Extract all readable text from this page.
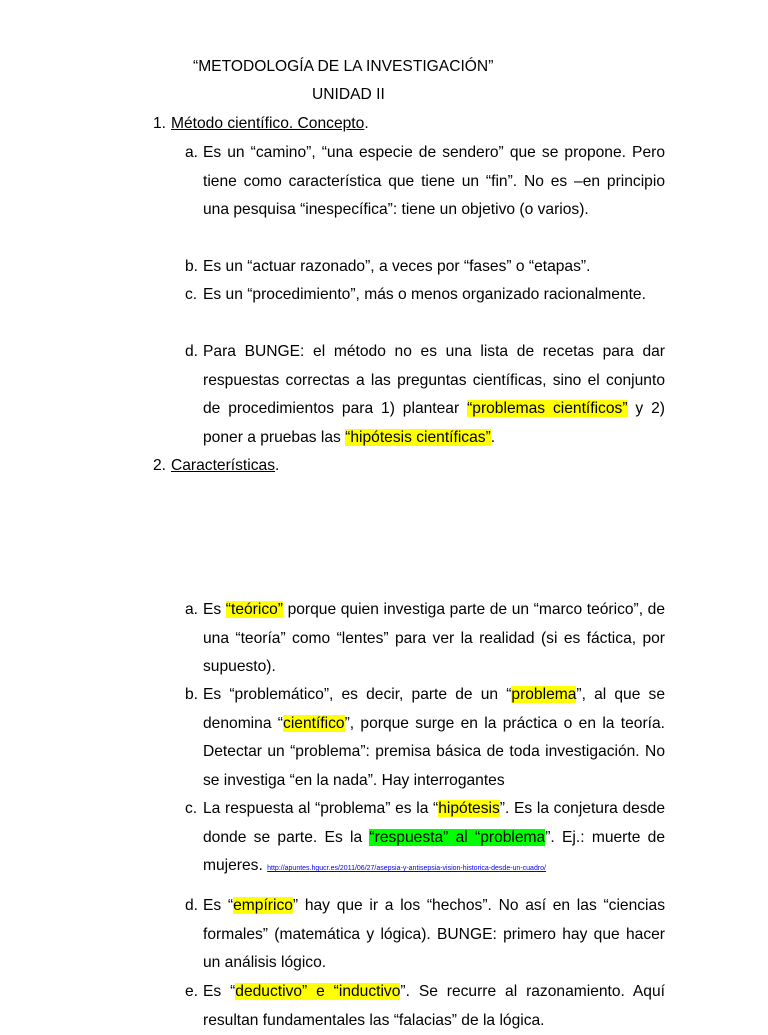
“METODOLOGÍA DE LA INVESTIGACIÓN”
UNIDAD II
1. Método científico. Concepto.
a. Es un “camino”, “una especie de sendero” que se propone. Pero tiene como característica que tiene un “fin”. No es –en principio una pesquisa “inespecífica”: tiene un objetivo (o varios).
b. Es un “actuar razonado”, a veces por “fases” o “etapas”.
c. Es un “procedimiento”, más o menos organizado racionalmente.
d. Para BUNGE: el método no es una lista de recetas para dar respuestas correctas a las preguntas científicas, sino el conjunto de procedimientos para 1) plantear “problemas científicos” y 2) poner a pruebas las “hipótesis científicas”.
2. Características.
a. Es “teórico” porque quien investiga parte de un “marco teórico”, de una “teoría” como “lentes” para ver la realidad (si es fáctica, por supuesto).
b. Es “problemático”, es decir, parte de un “problema”, al que se denomina “científico”, porque surge en la práctica o en la teoría. Detectar un “problema”: premisa básica de toda investigación. No se investiga “en la nada”. Hay interrogantes
c. La respuesta al “problema” es la “hipótesis”. Es la conjetura desde donde se parte. Es la “respuesta” al “problema”. Ej.: muerte de mujeres. http://apuntes.hgucr.es/2011/06/27/asepsia-y-antisepsia-vision-historica-desde-un-cuadro/
d. Es “empírico” hay que ir a los “hechos”. No así en las “ciencias formales” (matemática y lógica). BUNGE: primero hay que hacer un análisis lógico.
e. Es “deductivo” e “inductivo”. Se recurre al razonamiento. Aquí resultan fundamentales las “falacias” de la lógica.
